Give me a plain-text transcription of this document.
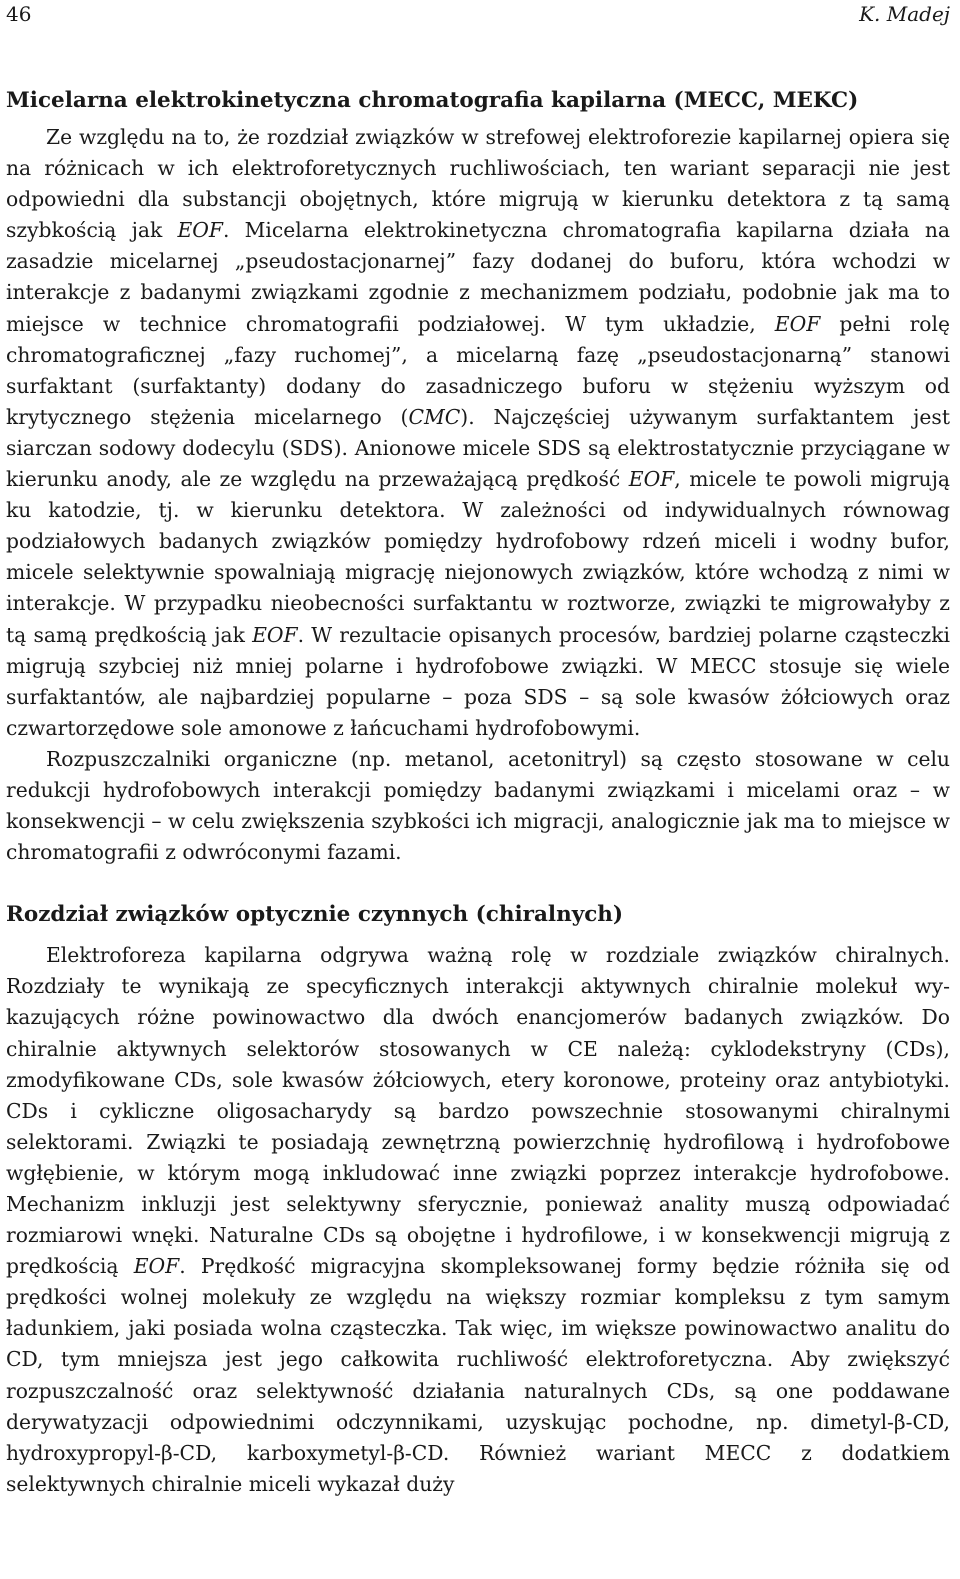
46	K. Madej
Micelarna elektrokinetyczna chromatografia kapilarna (MECC, MEKC)

Ze względu na to, że rozdział związków w strefowej elektroforezie kapilarnej opiera się na różnicach w ich elektroforetycznych ruchliwościach, ten wariant separacji nie jest odpowiedni dla substancji obojętnych, które migrują w kierunku detektora z tą samą szybkością jak EOF. Micelarna elektrokinetyczna chromatografia kapilarna działa na zasadzie micelarnej „pseudostacjonarnej” fazy dodanej do buforu, która wchodzi w interakcje z badanymi związkami zgodnie z mechanizmem podziału, podobnie jak ma to miejsce w technice chromatografii podziałowej. W tym układzie, EOF pełni rolę chromatograficznej „fazy ruchomej”, a micelarną fazę „pseudostacjonarną” stanowi surfaktant (surfaktanty) dodany do zasadniczego buforu w stężeniu wyższym od krytycznego stężenia micelarnego (CMC). Najczęściej używanym surfaktantem jest siarczan sodowy dodecylu (SDS). Anionowe micele SDS są elektrostatycznie przyciągane w kierunku anody, ale ze względu na przeważającą prędkość EOF, micele te powoli migrują ku katodzie, tj. w kierunku detektora. W zależności od indywidualnych równowag podziałowych badanych związków pomiędzy hydrofobowy rdzeń miceli i wodny bufor, micele selektywnie spowalniają migrację niejonowych związków, które wchodzą z nimi w interakcje. W przypadku nieobecności surfaktantu w roztworze, związki te migrowałyby z tą samą prędkością jak EOF. W rezultacie opisanych procesów, bardziej polarne cząsteczki migrują szybciej niż mniej polarne i hydrofobowe związki. W MECC stosuje się wiele surfaktantów, ale najbardziej popularne – poza SDS – są sole kwasów żółciowych oraz czwartorzędowe sole amonowe z łańcuchami hydrofobowymi.

Rozpuszczalniki organiczne (np. metanol, acetonitryl) są często stosowane w celu redukcji hydrofobowych interakcji pomiędzy badanymi związkami i micelami oraz – w konsekwencji – w celu zwiększenia szybkości ich migracji, analogicznie jak ma to miejsce w chromatografii z odwróconymi fazami.

Rozdział związków optycznie czynnych (chiralnych)

Elektroforeza kapilarna odgrywa ważną rolę w rozdziale związków chiralnych. Rozdziały te wynikają ze specyficznych interakcji aktywnych chiralnie molekuł wykazujących różne powinowactwo dla dwóch enancjomerów badanych związków. Do chiralnie aktywnych selektorów stosowanych w CE należą: cyklodekstryny (CDs), zmodyfikowane CDs, sole kwasów żółciowych, etery koronowe, proteiny oraz antybiotyki. CDs i cykliczne oligosacharydy są bardzo powszechnie stosowanymi chiralnymi selektorami. Związki te posiadają zewnętrzną powierzchnię hydrofilową i hydrofobowe wgłębienie, w którym mogą inkludować inne związki poprzez interakcje hydrofobowe. Mechanizm inkluzji jest selektywny sferycznie, ponieważ anality muszą odpowiadać rozmiarowi wnęki. Naturalne CDs są obojętne i hydrofilowe, i w konsekwencji migrują z prędkością EOF. Prędkość migracyjna skompleksowanej formy będzie różniła się od prędkości wolnej molekuły ze względu na większy rozmiar kompleksu z tym samym ładunkiem, jaki posiada wolna cząsteczka. Tak więc, im większe powinowactwo analitu do CD, tym mniejsza jest jego całkowita ruchliwość elektroforetyczna. Aby zwiększyć rozpuszczalność oraz selektywność działania naturalnych CDs, są one poddawane derywatyzacji odpowiednimi odczynnikami, uzyskując pochodne, np. dimetyl-β-CD, hydroxypropyl-β-CD, karboxymetyl-β-CD. Również wariant MECC z dodatkiem selektywnych chiralnie miceli wykazał duży
